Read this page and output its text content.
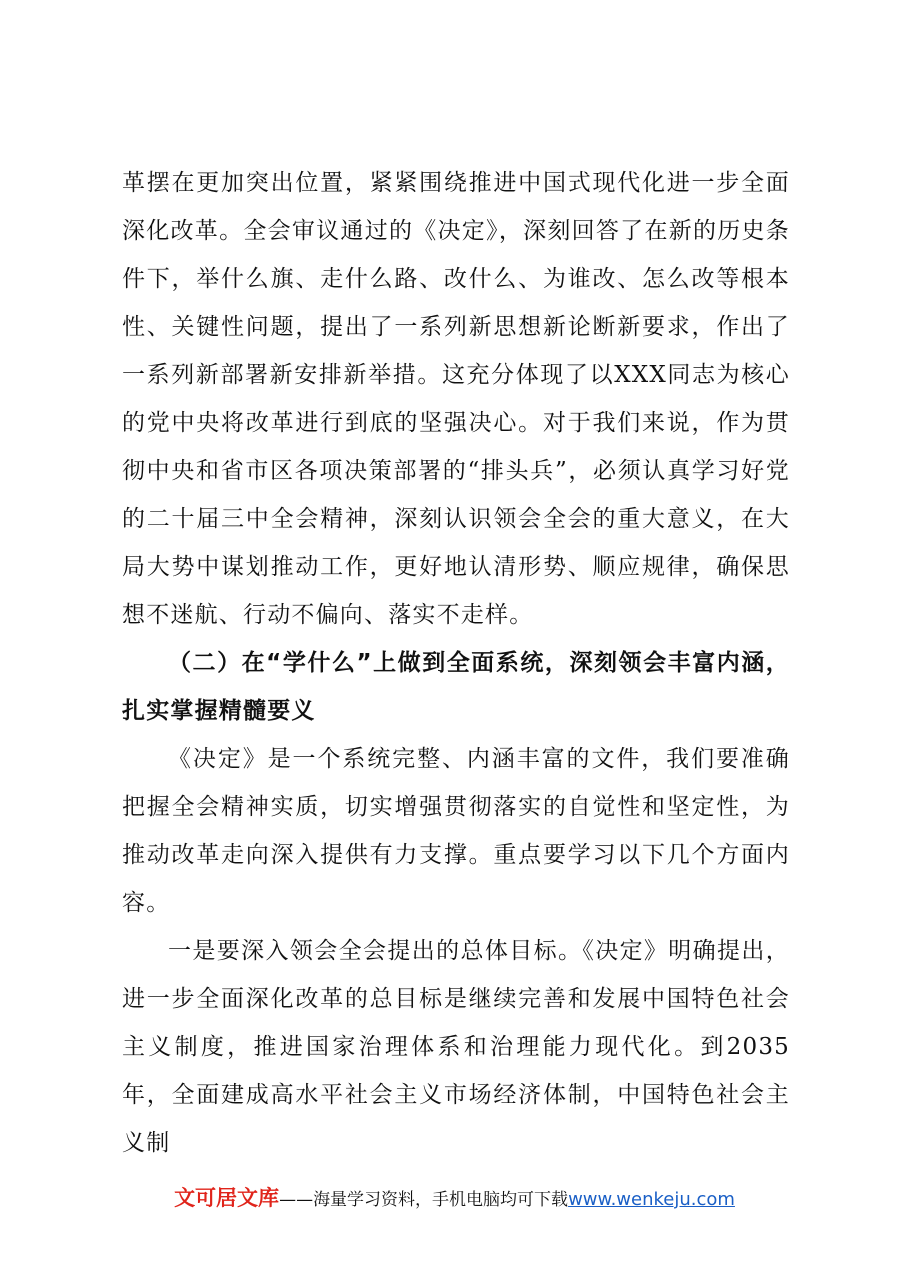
革摆在更加突出位置，紧紧围绕推进中国式现代化进一步全面深化改革。全会审议通过的《决定》，深刻回答了在新的历史条件下，举什么旗、走什么路、改什么、为谁改、怎么改等根本性、关键性问题，提出了一系列新思想新论断新要求，作出了一系列新部署新安排新举措。这充分体现了以XXX同志为核心的党中央将改革进行到底的坚强决心。对于我们来说，作为贯彻中央和省市区各项决策部署的“排头兵”，必须认真学习好党的二十届三中全会精神，深刻认识领会全会的重大意义，在大局大势中谋划推动工作，更好地认清形势、顺应规律，确保思想不迷航、行动不偏向、落实不走样。

（二）在“学什么”上做到全面系统，深刻领会丰富内涵，扎实掌握精髓要义

《决定》是一个系统完整、内涵丰富的文件，我们要准确把握全会精神实质，切实增强贯彻落实的自觉性和坚定性，为推动改革走向深入提供有力支撑。重点要学习以下几个方面内容。

一是要深入领会全会提出的总体目标。《决定》明确提出，进一步全面深化改革的总目标是继续完善和发展中国特色社会主义制度，推进国家治理体系和治理能力现代化。到2035年，全面建成高水平社会主义市场经济体制，中国特色社会主义制

文可居文库——海量学习资料，手机电脑均可下载www.wenkeju.com
